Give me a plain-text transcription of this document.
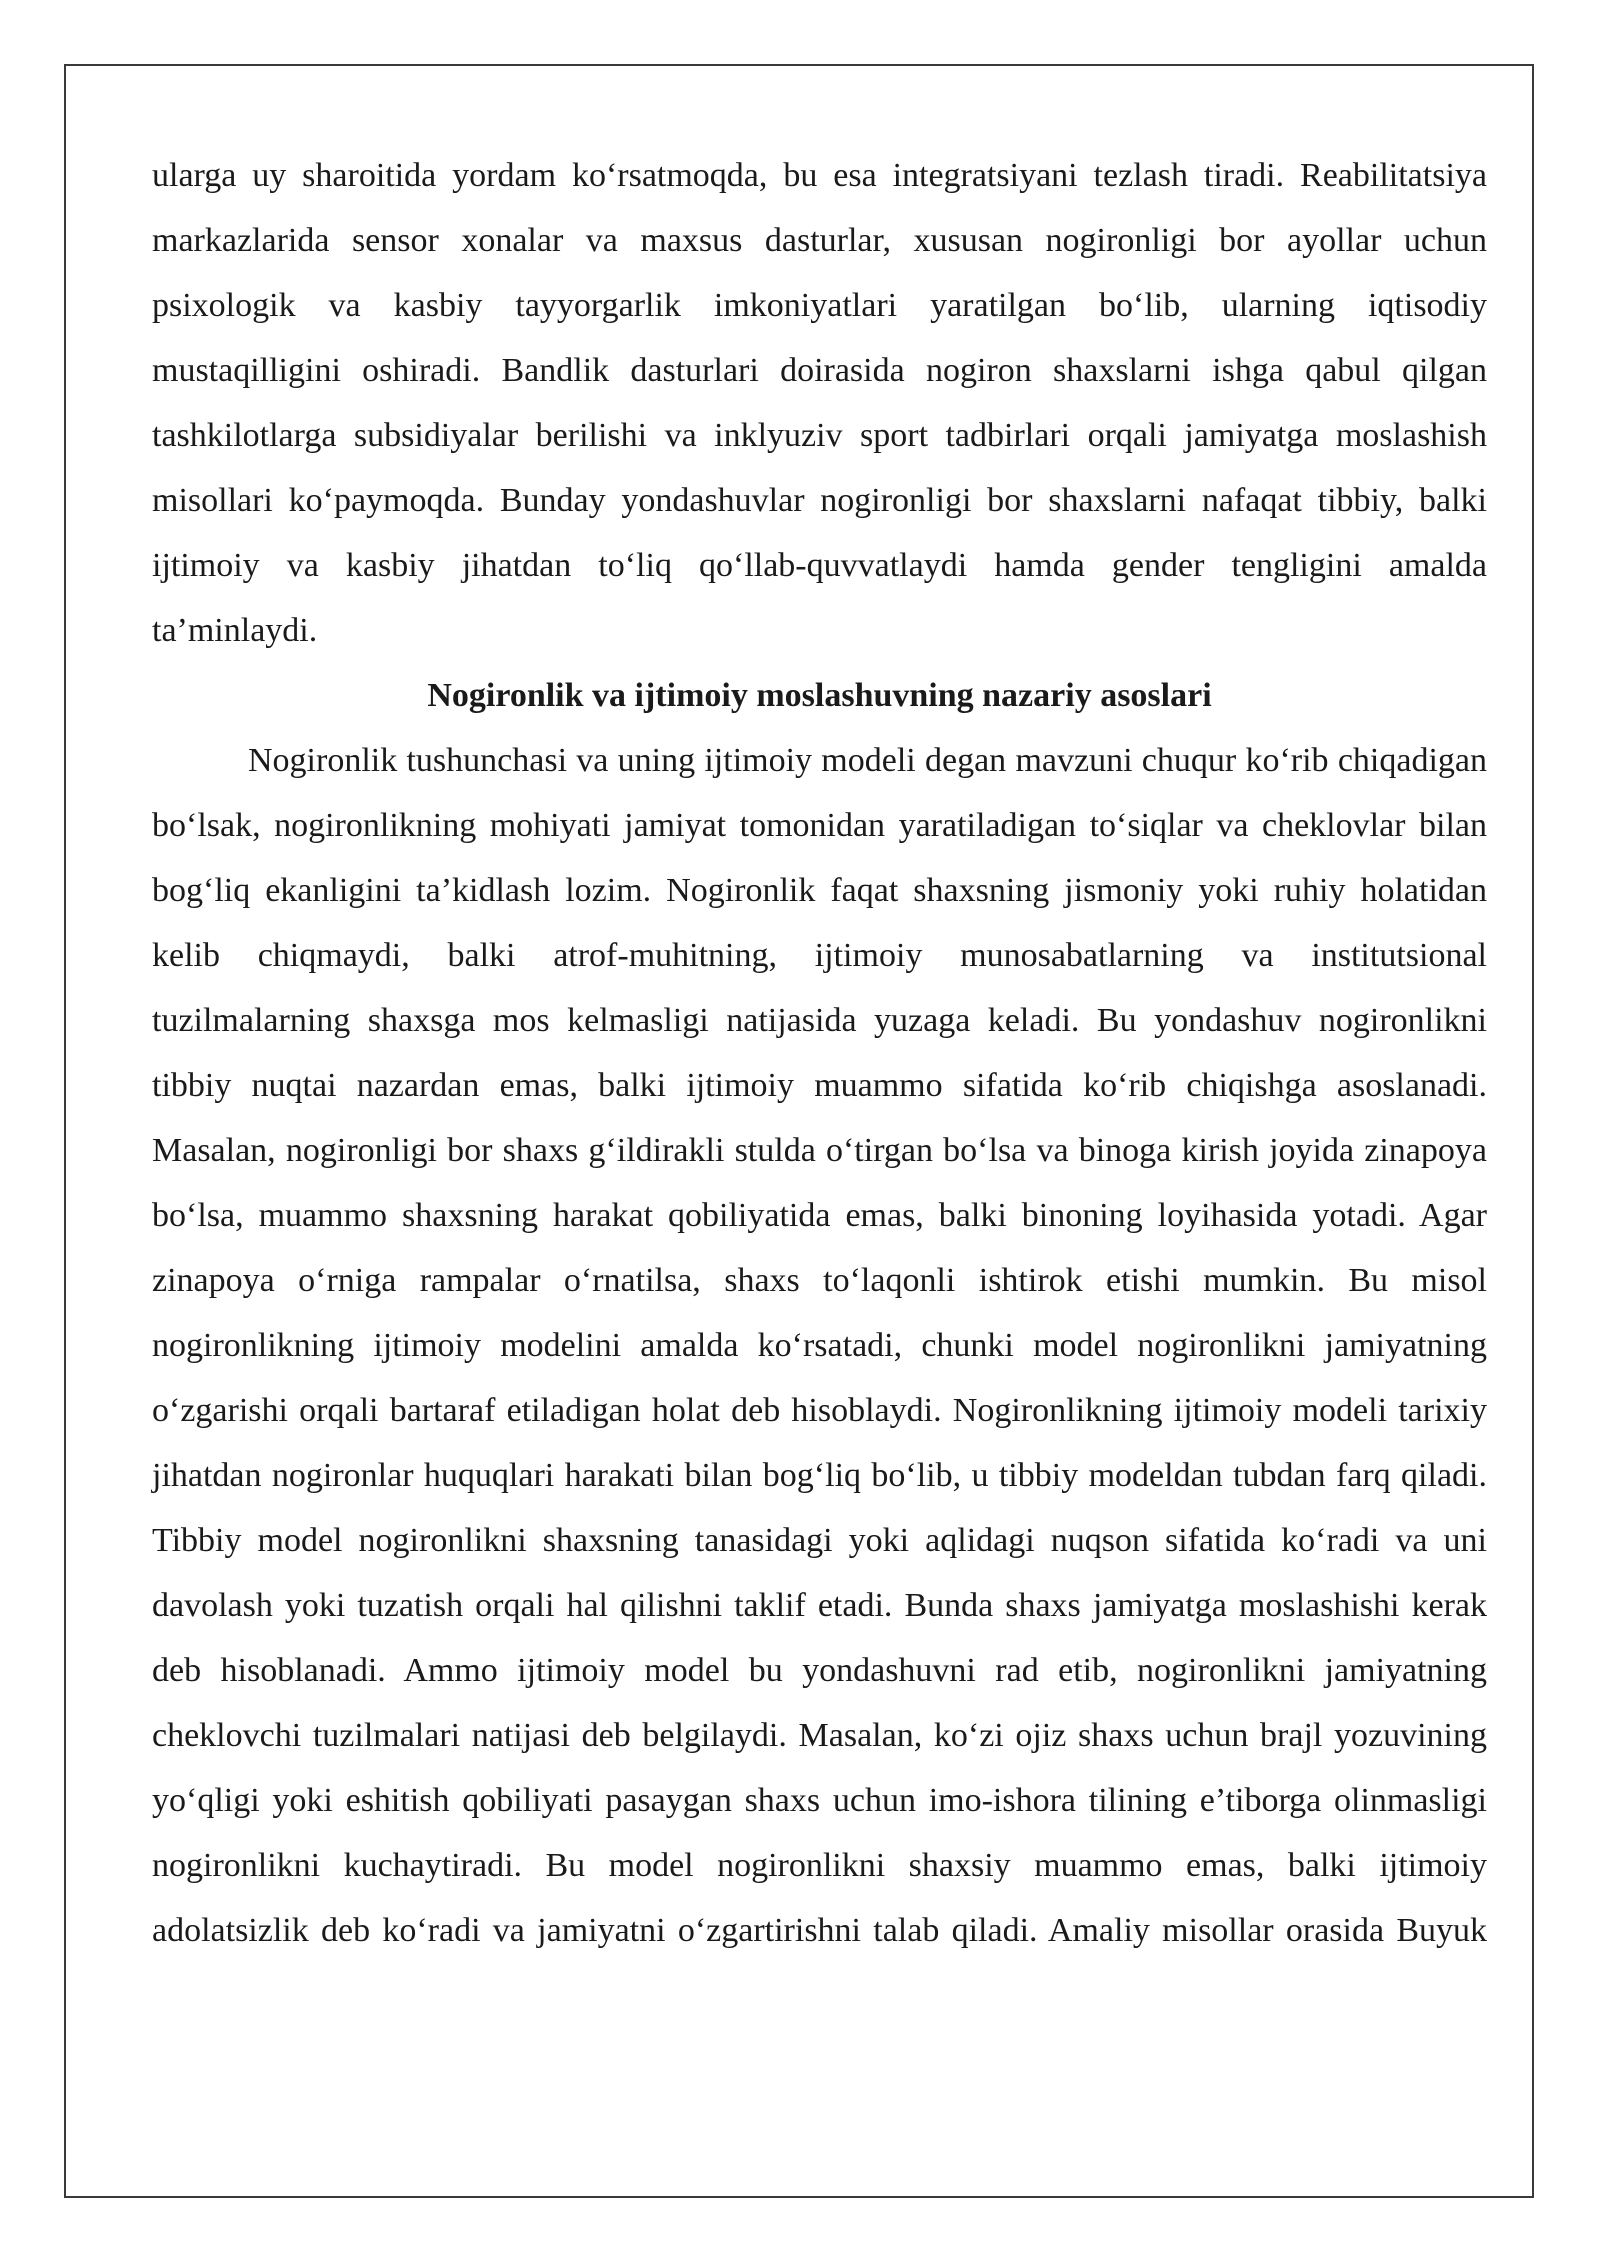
ularga uy sharoitida yordam ko‘rsatmoqda, bu esa integratsiyani tezlash tiradi. Reabilitatsiya markazlarida sensor xonalar va maxsus dasturlar, xususan nogironligi bor ayollar uchun psixologik va kasbiy tayyorgarlik imkoniyatlari yaratilgan bo‘lib, ularning iqtisodiy mustaqilligini oshiradi. Bandlik dasturlari doirasida nogiron shaxslarni ishga qabul qilgan tashkilotlarga subsidiyalar berilishi va inklyuziv sport tadbirlari orqali jamiyatga moslashish misollari ko‘paymoqda. Bunday yondashuvlar nogironligi bor shaxslarni nafaqat tibbiy, balki ijtimoiy va kasbiy jihatdan to‘liq qo‘llab-quvvatlaydi hamda gender tengligini amalda ta’minlaydi.

Nogironlik va ijtimoiy moslashuvning nazariy asoslari

Nogironlik tushunchasi va uning ijtimoiy modeli degan mavzuni chuqur ko‘rib chiqadigan bo‘lsak, nogironlikning mohiyati jamiyat tomonidan yaratiladigan to‘siqlar va cheklovlar bilan bog‘liq ekanligini ta’kidlash lozim. Nogironlik faqat shaxsning jismoniy yoki ruhiy holatidan kelib chiqmaydi, balki atrof-muhitning, ijtimoiy munosabatlarning va institutsional tuzilmalarning shaxsga mos kelmasligi natijasida yuzaga keladi. Bu yondashuv nogironlikni tibbiy nuqtai nazardan emas, balki ijtimoiy muammo sifatida ko‘rib chiqishga asoslanadi. Masalan, nogironligi bor shaxs g‘ildirakli stulda o‘tirgan bo‘lsa va binoga kirish joyida zinapoya bo‘lsa, muammo shaxsning harakat qobiliyatida emas, balki binoning loyihasida yotadi. Agar zinapoya o‘rniga rampalar o‘rnatilsa, shaxs to‘laqonli ishtirok etishi mumkin. Bu misol nogironlikning ijtimoiy modelini amalda ko‘rsatadi, chunki model nogironlikni jamiyatning o‘zgarishi orqali bartaraf etiladigan holat deb hisoblaydi. Nogironlikning ijtimoiy modeli tarixiy jihatdan nogironlar huquqlari harakati bilan bog‘liq bo‘lib, u tibbiy modeldan tubdan farq qiladi. Tibbiy model nogironlikni shaxsning tanasidagi yoki aqlidagi nuqson sifatida ko‘radi va uni davolash yoki tuzatish orqali hal qilishni taklif etadi. Bunda shaxs jamiyatga moslashishi kerak deb hisoblanadi. Ammo ijtimoiy model bu yondashuvni rad etib, nogironlikni jamiyatning cheklovchi tuzilmalari natijasi deb belgilaydi. Masalan, ko‘zi ojiz shaxs uchun brajl yozuvining yo‘qligi yoki eshitish qobiliyati pasaygan shaxs uchun imo-ishora tilining e’tiborga olinmasligi nogironlikni kuchaytiradi. Bu model nogironlikni shaxsiy muammo emas, balki ijtimoiy adolatsizlik deb ko‘radi va jamiyatni o‘zgartirishni talab qiladi. Amaliy misollar orasida Buyuk
